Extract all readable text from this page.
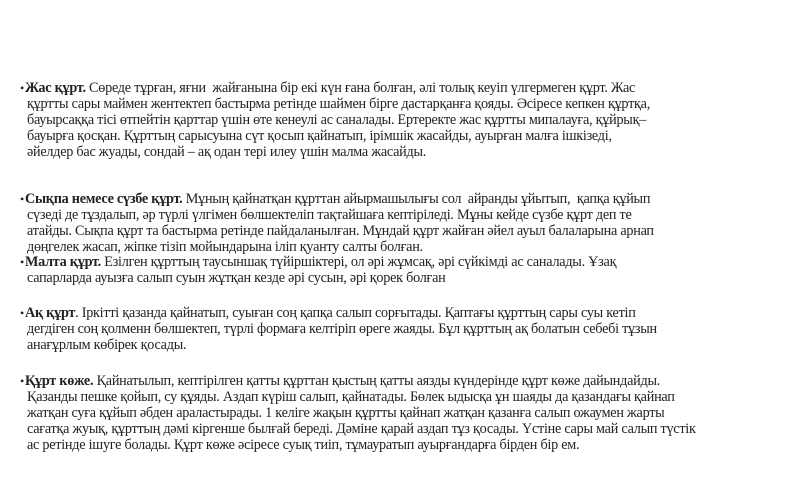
•Жас құрт. Сөреде тұрған, яғни  жайғанына бір екі күн ғана болған, әлі толық кеуіп үлгермеген құрт. Жас
құртты сары маймен жентектеп бастырма ретінде шаймен бірге дастарқанға қояды. Әсіресе кепкен құртқа,
бауырсаққа тісі өтпейтін қарттар үшін өте кенеулі ас саналады. Ертеректе жас құртты мипалауға, құйрық–
бауырға қосқан. Құрттың сарысуына сүт қосып қайнатып, ірімшік жасайды, ауырған малға ішкізеді,
әйелдер бас жуады, сондай – ақ одан тері илеу үшін малма жасайды.
•Сықпа немесе сүзбе құрт. Мұның қайнатқан құрттан айырмашылығы сол  айранды ұйытып,  қапқа құйып
сүзеді де тұздалып, әр түрлі үлгімен бөлшектеліп тақтайшаға кептіріледі. Мұны кейде сүзбе құрт деп те
атайды. Сықпа құрт та бастырма ретінде пайдаланылған. Мұндай құрт жайған әйел ауыл балаларына арнап
дөңгелек жасап, жіпке тізіп мойындарына іліп қуанту салты болған.
•Малта құрт. Езілген құрттың таусыншақ түйіршіктері, ол әрі жұмсақ, әрі сүйкімді ас саналады. Ұзақ
сапарларда ауызға салып суын жұтқан кезде әрі сусын, әрі қорек болған
•Ақ құрт. Іркітті қазанда қайнатып, суыған соң қапқа салып сорғытады. Қаптағы құрттың сары суы кетіп
дегдіген соң қолменн бөлшектеп, түрлі формаға келтіріп өреге жаяды. Бұл құрттың ақ болатын себебі тұзын
анағұрлым көбірек қосады.
•Құрт көже. Қайнатылып, кептірілген қатты құрттан қыстың қатты аязды күндерінде құрт көже дайындайды.
Қазанды пешке қойып, су құяды. Аздап күріш салып, қайнатады. Бөлек ыдысқа ұн шаяды да қазандағы қайнап
жатқан суға құйып әбден араластырады. 1 келіге жақын құртты қайнап жатқан қазанға салып ожаумен жарты
сағатқа жуық, құрттың дәмі кіргенше былғай береді. Дәміне қарай аздап тұз қосады. Үстіне сары май салып түстік
ас ретінде ішуге болады. Құрт көже әсіресе суық тиіп, тұмауратып ауырғандарға бірден бір ем.
